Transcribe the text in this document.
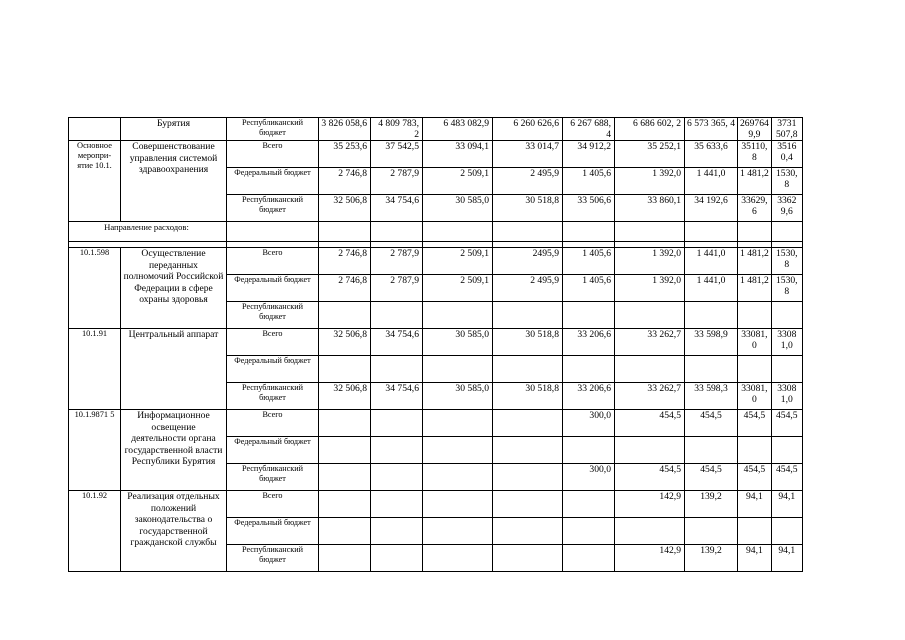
	Бурятия	Республиканский бюджет	3 826 058,6	4 809 783, 2	6 483 082,9	6 260 626,6	6 267 688, 4	6 686 602, 2	6 573 365, 4	269764 9,9	3731 507,8
Основное меропри-ятие 10.1.	Совершенствование управления системой здравоохранения	Всего	35 253,6	37 542,5	33 094,1	33 014,7	34 912,2	35 252,1	35 633,6	35110, 8	3516 0,4
		Федеральный бюджет	2 746,8	2 787,9	2 509,1	2 495,9	1 405,6	1 392,0	1 441,0	1 481,2	1530, 8
		Республиканский бюджет	32 506,8	34 754,6	30 585,0	30 518,8	33 506,6	33 860,1	34 192,6	33629, 6	3362 9,6
Направление расходов:											

10.1.598	Осуществление переданных полномочий Российской Федерации в сфере охраны здоровья	Всего	2 746,8	2 787,9	2 509,1	2495,9	1 405,6	1 392,0	1 441,0	1 481,2	1530, 8
		Федеральный бюджет	2 746,8	2 787,9	2 509,1	2 495,9	1 405,6	1 392,0	1 441,0	1 481,2	1530, 8
		Республиканский бюджет									
10.1.91	Центральный аппарат	Всего	32 506,8	34 754,6	30 585,0	30 518,8	33 206,6	33 262,7	33 598,9	33081, 0	3308 1,0
		Федеральный бюджет									
		Республиканский бюджет	32 506,8	34 754,6	30 585,0	30 518,8	33 206,6	33 262,7	33 598,3	33081, 0	3308 1,0
10.1.9871 5	Информационное освещение деятельности органа государственной власти Республики Бурятия	Всего					300,0	454,5	454,5	454,5	454,5
		Федеральный бюджет									
		Республиканский бюджет					300,0	454,5	454,5	454,5	454,5
10.1.92	Реализация отдельных положений законодательства о государственной гражданской службы	Всего						142,9	139,2	94,1	94,1
		Федеральный бюджет									
		Республиканский бюджет						142,9	139,2	94,1	94,1
